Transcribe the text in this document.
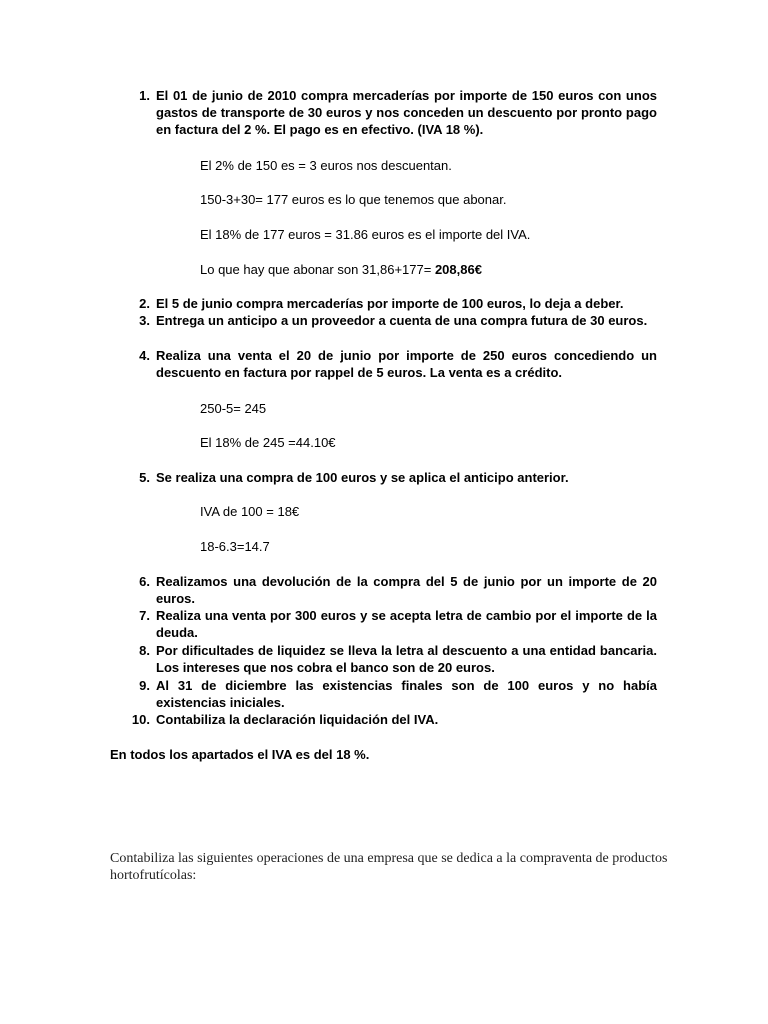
1. El 01 de junio de 2010 compra mercaderías por importe de 150 euros con unos gastos de transporte de 30 euros y nos conceden un descuento por pronto pago en factura del 2 %. El pago es en efectivo. (IVA 18 %).
El 2% de 150 es = 3 euros nos descuentan.
150-3+30= 177 euros es lo que tenemos que abonar.
El 18% de 177 euros = 31.86 euros es el importe del IVA.
Lo que hay que abonar son 31,86+177= 208,86€
2. El 5 de junio compra mercaderías por importe de 100 euros, lo deja a deber.
3. Entrega un anticipo a un proveedor a cuenta de una compra futura de 30 euros.
4. Realiza una venta el 20 de junio por importe de 250 euros concediendo un descuento en factura por rappel de 5 euros. La venta es a crédito.
250-5= 245
El 18% de 245 =44.10€
5. Se realiza una compra de 100 euros y se aplica el anticipo anterior.
IVA de 100 = 18€
18-6.3=14.7
6. Realizamos una devolución de la compra del 5 de junio por un importe de 20 euros.
7. Realiza una venta por 300 euros y se acepta letra de cambio por el importe de la deuda.
8. Por dificultades de liquidez se lleva la letra al descuento a una entidad bancaria. Los intereses que nos cobra el banco son de 20 euros.
9. Al 31 de diciembre las existencias finales son de 100 euros y no había existencias iniciales.
10. Contabiliza la declaración liquidación del IVA.
En todos los apartados el IVA es del 18 %.
Contabiliza las siguientes operaciones de una empresa que se dedica a la compraventa de productos hortofrutícolas:
